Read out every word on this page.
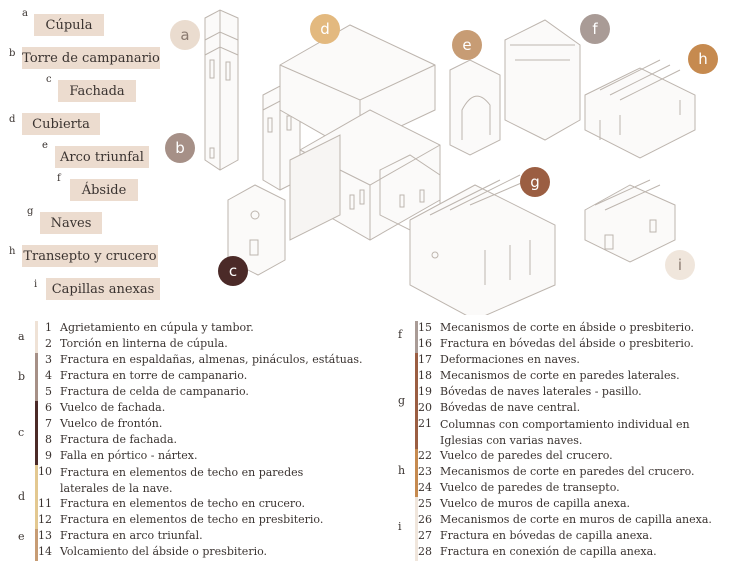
a
Cúpula
b Torre de campanario
c
Fachada
d	Cubierta
e
Arco triunfal
f
Ábside
g
Naves
h Transepto y crucero
i	Capillas anexas
a
b
c
d
e
f
g
h
i
a
b
c
d
e
f
g
h
i
1 Agrietamiento en cúpula y tambor.
2 Torción en linterna de cúpula.
3 Fractura en espaldañas, almenas, pináculos, estátuas.
4 Fractura en torre de campanario.
5 Fractura de celda de campanario.
6 Vuelco de fachada.
7 Vuelco de frontón.
8 Fractura de fachada.
9 Falla en pórtico - nártex.
10 Fractura en elementos de techo en paredes laterales de la nave.
11 Fractura en elementos de techo en crucero.
12 Fractura en elementos de techo en presbiterio.
13 Fractura en arco triunfal.
14 Volcamiento del ábside o presbiterio.
15 Mecanismos de corte en ábside o presbiterio.
16 Fractura en bóvedas del ábside o presbiterio.
17 Deformaciones en naves.
18 Mecanismos de corte en paredes laterales.
19 Bóvedas de naves laterales - pasillo.
20 Bóvedas de nave central.
21 Columnas con comportamiento individual en Iglesias con varias naves.
22 Vuelco de paredes del crucero.
23 Mecanismos de corte en paredes del crucero.
24 Vuelco de paredes de transepto.
25 Vuelco de muros de capilla anexa.
26 Mecanismos de corte en muros de capilla anexa.
27 Fractura en bóvedas de capilla anexa.
28 Fractura en conexión de capilla anexa.
